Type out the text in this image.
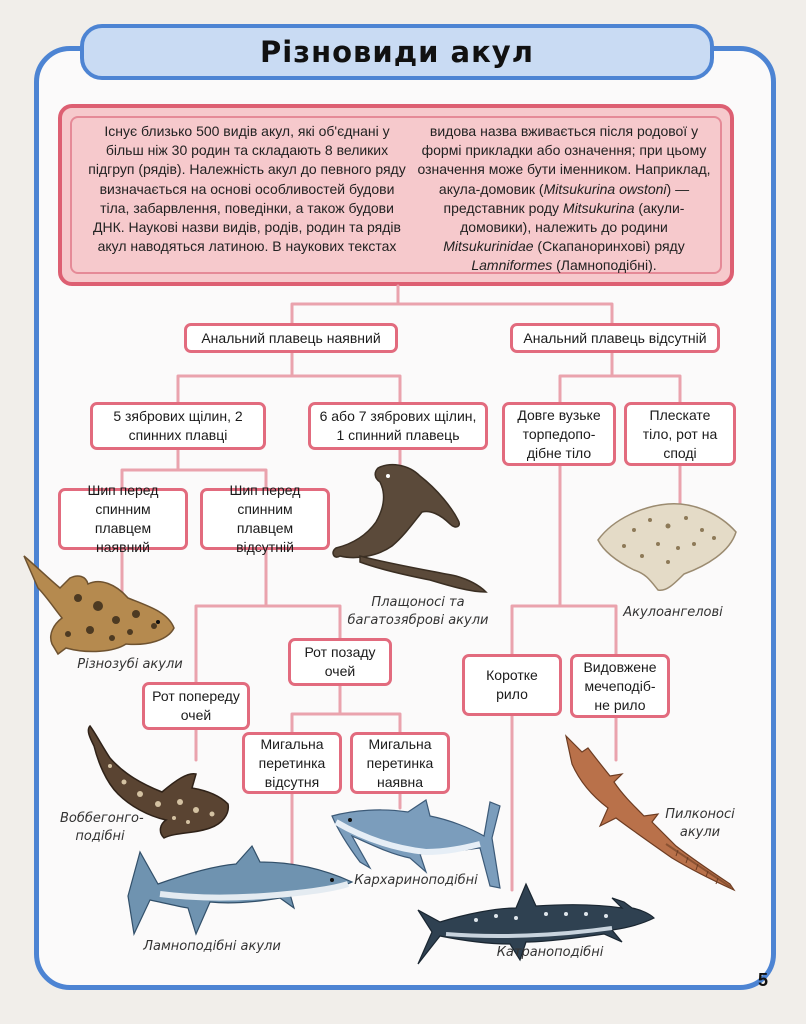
Різновиди акул
Існує близько 500 видів акул, які об'єднані у більш ніж 30 родин та складають 8 великих підгруп (рядів). Належність акул до певного ряду визначається на основі особливостей будови тіла, забарвлення, поведінки, а також будови ДНК. Наукові назви видів, родів, родин та рядів акул наводяться латиною. В наукових текстах
видова назва вживається після родової у формі прикладки або означення; при цьому означення може бути іменником. Наприклад, акула-домовик (Mitsukurina owstoni) — представник роду Mitsukurina (акули-домовики), належить до родини Mitsukurinidae (Скапаноринхові) ряду Lamniformes (Ламноподібні).
Анальний плавець наявний	Анальний плавець відсутній
5 зябрових щілин, 2 спинних плавці
6 або 7 зябрових щілин, 1 спинний плавець
Довге вузьке торпедопо-дібне тіло
Плескате тіло, рот на споді
Шип перед спинним плавцем наявний
Шип перед спинним плавцем відсутній
Рот позаду очей
Рот попереду очей
Коротке рило
Видовжене мечеподіб-не рило
Мигальна перетинка відсутня
Мигальна перетинка наявна
Плащоносі та багатозяброві акули
Акулоангелові
Різнозубі акули
Воббегонго-подібні
Кархаринoподібні
Пилконосі акули
Ламноподібні акули	Катранoподібні
5
